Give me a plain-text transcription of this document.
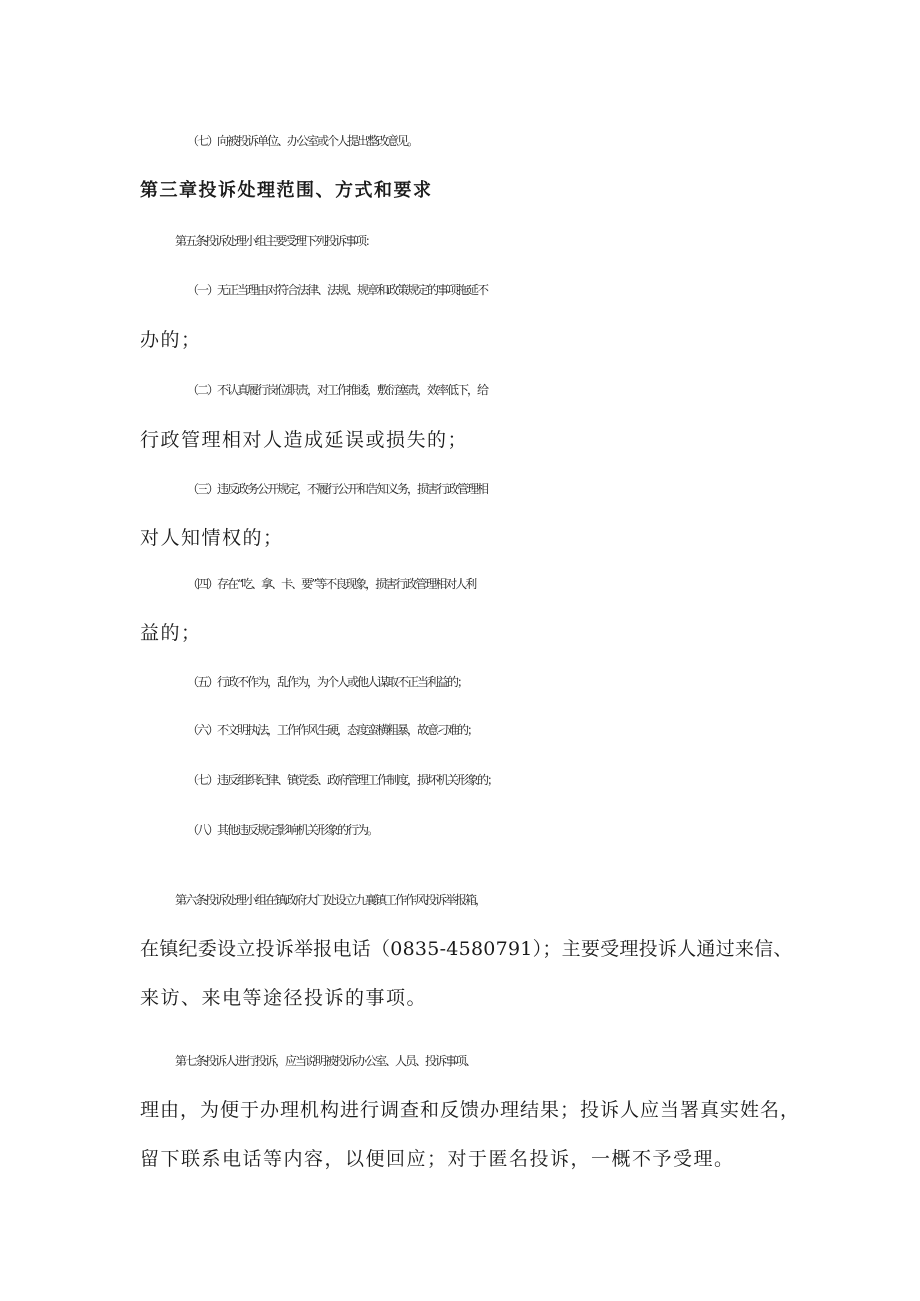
（七）向被投诉单位、办公室或个人提出整改意见。
第三章投诉处理范围、方式和要求
第五条投诉处理小组主要受理下列投诉事项：
（一）无正当理由对符合法律、法规、规章和政策规定的事项拖延不
办的；
（二）不认真履行岗位职责，对工作推诿，敷衍塞责，效率低下，给
行政管理相对人造成延误或损失的；
（三）违反政务公开规定，不履行公开和告知义务，损害行政管理相
对人知情权的；
（四）存在“吃、拿、卡、要”等不良现象，损害行政管理相对人利
益的；
（五）行政不作为，乱作为，为个人或他人谋取不正当利益的；
（六）不文明执法，工作作风生硬，态度蛮横粗暴，故意刁难的；
（七）违反组织纪律、镇党委、政府管理工作制度，损坏机关形象的；
（八）其他违反规定影响机关形象的行为。
第六条投诉处理小组在镇政府大门处设立九襄镇工作作风投诉举报箱，
在镇纪委设立投诉举报电话（0835-4580791）；主要受理投诉人通过来信、
来访、来电等途径投诉的事项。
第七条投诉人进行投诉，应当说明被投诉办公室、人员、投诉事项、
理由，为便于办理机构进行调查和反馈办理结果；投诉人应当署真实姓名，
留下联系电话等内容，以便回应；对于匿名投诉，一概不予受理。
